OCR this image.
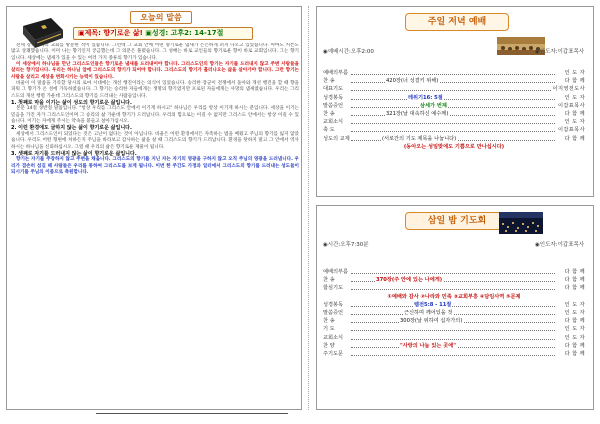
오늘의 말씀
▣제목: 향기로운 삶! ▣성경: 고후2: 14-17절

전세 강북지역의 교회를 방문한 적이 있습니다. 그런데 그 교회 안에 어떤 향기로운 냄새가 은은하게 퍼져 나오고 있었습니다. 아마도 커튼도 많고 상쾌했습니다. 이미 나는 향기인지 궁금했는데 그 의문은 풀렸습니다. 그 성배는 바로 교인들의 향기로운 향이 바로 교회입니다. 그는 향기입니다. 세상에는 냄새가 있을 수 있는 여러 가지 종류의 향기가 있습니다.

이 세상에서 하나님을 만난 그리스도인들은 향기로운 냄새를 드러내어야 합니다. 그리스도인의 향기는 자기를 드러내지 않고 주변 사람들을 살리는 향기입니다. 우리는 하나님 앞에 그리스도의 향기가 되어야 합니다. 그리스도의 향기가 흘러나오는 삶을 살아가야 합니다. 그런 향기는 사람을 살리고 세상을 변화시키는 능력이 있습니다.

바울이 이 말씀을 기록할 당시의 로마 시대에는 개선 행진이라는 의식이 있었습니다. 승리한 장군이 전쟁에서 돌아와 개선 행진을 할 때 향을 피워 그 향기가 온 성에 가득하였습니다. 그 향기는 승리한 자들에게는 생명의 향기였지만 포로된 자들에게는 사망의 냄새였습니다. 우리는 그리스도의 개선 행렬 가운데 그리스도의 향기를 드러내는 사람들입니다.

1. 첫째로 막을 이기는 삶이 성도의 향기로운 삶입니다.

본문 14절 상반절 말씀입니다. "항상 우리를 그리스도 안에서 이기게 하시고" 하나님은 우리를 항상 이기게 하시는 분입니다. 세상을 이기는 믿음을 가진 자가 그리스도인이며 그 승리의 삶 가운데 향기가 드러납니다. 우리의 힘으로는 이길 수 없지만 그리스도 안에서는 항상 이길 수 있습니다. 이기는 자에게 주시는 약속을 붙들고 살아가십시오.

2. 이런 환경에도 굴하지 않는 삶이 향기로운 삶입니다.

세상에서 그리스도인이 되었다는 것은 고난이 없다는 것이 아닙니다. 바울은 어떤 환경에서든 자족하는 법을 배웠고 주님의 향기를 잃지 않았습니다. 우리도 어떤 형편에 처하든지 주님을 바라보고 감사하는 삶을 살 때 그리스도의 향기가 드러납니다. 환경을 탓하지 말고 그 안에서 역사하시는 하나님을 신뢰하십시오. 그럴 때 우리의 삶은 향기로운 제물이 됩니다.

3. 셋째로 자기를 드러내지 않는 삶이 향기로운 삶입니다.

향기는 자기를 주장하지 않고 주변을 채웁니다. 그리스도의 향기를 지닌 자는 자기의 영광을 구하지 않고 오직 주님의 영광을 드러냅니다. 우리가 겸손히 섬길 때 사람들은 우리를 통하여 그리스도를 보게 됩니다. 이번 한 주간도 가정과 일터에서 그리스도의 향기를 드러내는 성도들이 되시기를 주님의 이름으로 축원합니다.

주일 저녁 예배
◉예배시간:오후2:00	◉인도자:이갑표목사
예배의부름	인 도 자
찬 송	420장(너 성결키 위해)	다 함 께
대표기도	이지영전도사
성경봉독	레위기16: 5절	인 도 자
말씀증언	삼세가 번제	이갑표목사
찬 송	321장(날 대속하신 예수께)	다 함 께
교회소식	인 도 자
축 도	이갑표목사
성도의 교제	(서로간의 기도 제목을 나눕니다)	다 함 께
(동아오는 성일맞에도 기쁨으로 만나십시다)
삼일 밤 기도회
◉시간:오후7:30분	◉인도자:이갑표목사
예배의부름	다 함 께
찬 송	370장(주 안에 있는 나에게)	다 함 께
합심기도	다 함 께
①예배와 감사 ②나라와 민족 ③교회부흥 ④담임사역 ⑤문제
성경봉독	렘전5:8 - 11절	인 도 자
말씀증언	근신하며 깨어있을 것	인 도 자
찬 송	300장(날 위하여 십자가의)	다 함 께
기 도	인 도 자
교회소식	인 도 자
찬 양	"사랑의 나눔 있는 곳에"	다 함 께
주기도문	다 함 께
